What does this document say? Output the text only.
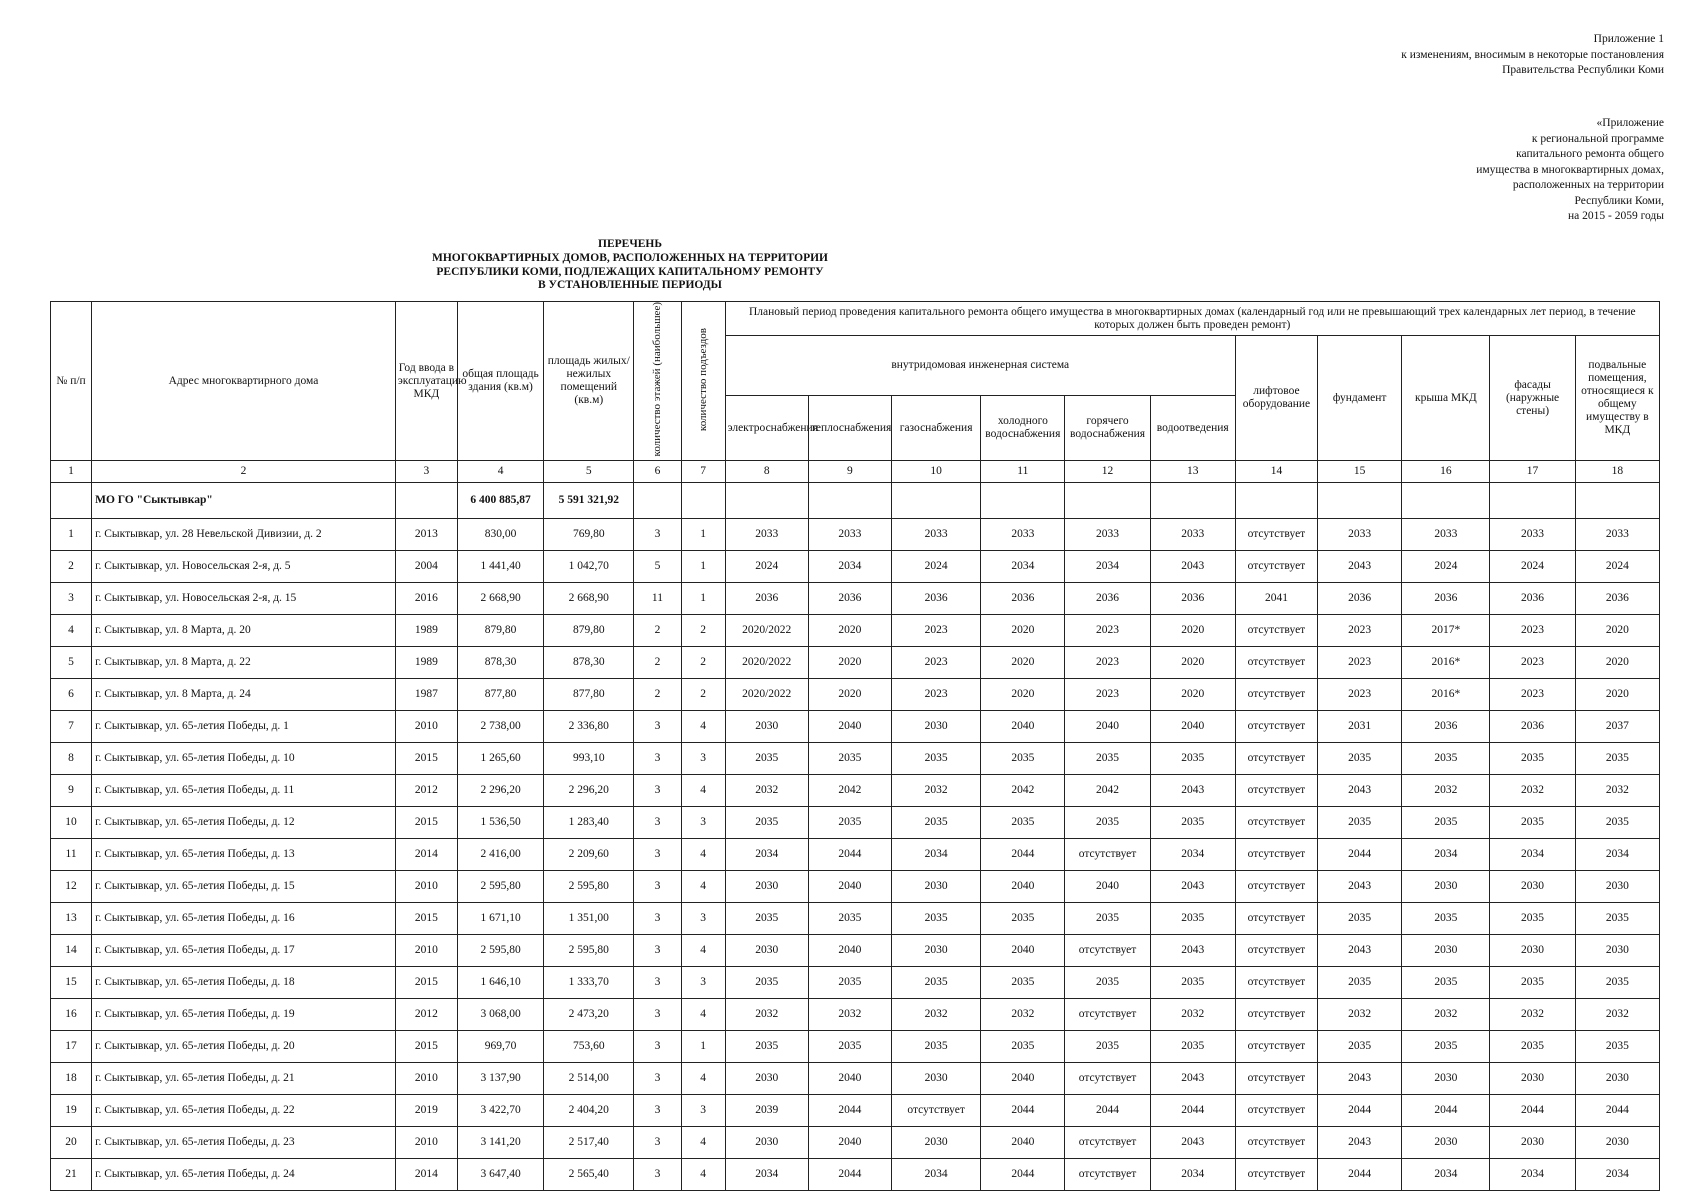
Приложение 1
к изменениям, вносимым в некоторые постановления
Правительства Республики Коми
«Приложение
к региональной программе
капитального ремонта общего
имущества в многоквартирных домах,
расположенных на территории
Республики Коми,
на 2015 - 2059 годы
ПЕРЕЧЕНЬ
МНОГОКВАРТИРНЫХ ДОМОВ, РАСПОЛОЖЕННЫХ НА ТЕРРИТОРИИ
РЕСПУБЛИКИ КОМИ, ПОДЛЕЖАЩИХ КАПИТАЛЬНОМУ РЕМОНТУ
В УСТАНОВЛЕННЫЕ ПЕРИОДЫ
№ п/п	Адрес многоквартирного дома	Год ввода в эксплуатацию МКД	общая площадь здания (кв.м)	площадь жилых/ нежилых помещений (кв.м)	количество этажей (наибольшее)	количество подъездов	Плановый период проведения капитального ремонта общего имущества в многоквартирных домах (календарный год или не превышающий трех календарных лет период, в течение которых должен быть проведен ремонт)										
							внутридомовая инженерная система						лифтовое оборудование	фундамент	крыша МКД	фасады (наружные стены)	подвальные помещения, относящиеся к общему имуществу в МКД
							электроснабжения	теплоснабжения	газоснабжения	холодного водоснабжения	горячего водоснабжения	водоотведения					
1	2	3	4	5	6	7	8	9	10	11	12	13	14	15	16	17	18
	МО ГО "Сыктывкар"		6 400 885,87	5 591 321,92													
1	г. Сыктывкар, ул. 28 Невельской Дивизии, д. 2	2013	830,00	769,80	3	1	2033	2033	2033	2033	2033	2033	отсутствует	2033	2033	2033	2033
2	г. Сыктывкар, ул. Новосельская 2-я, д. 5	2004	1 441,40	1 042,70	5	1	2024	2034	2024	2034	2034	2043	отсутствует	2043	2024	2024	2024
3	г. Сыктывкар, ул. Новосельская 2-я, д. 15	2016	2 668,90	2 668,90	11	1	2036	2036	2036	2036	2036	2036	2041	2036	2036	2036	2036
4	г. Сыктывкар, ул. 8 Марта, д. 20	1989	879,80	879,80	2	2	2020/2022	2020	2023	2020	2023	2020	отсутствует	2023	2017*	2023	2020
5	г. Сыктывкар, ул. 8 Марта, д. 22	1989	878,30	878,30	2	2	2020/2022	2020	2023	2020	2023	2020	отсутствует	2023	2016*	2023	2020
6	г. Сыктывкар, ул. 8 Марта, д. 24	1987	877,80	877,80	2	2	2020/2022	2020	2023	2020	2023	2020	отсутствует	2023	2016*	2023	2020
7	г. Сыктывкар, ул. 65-летия Победы, д. 1	2010	2 738,00	2 336,80	3	4	2030	2040	2030	2040	2040	2040	отсутствует	2031	2036	2036	2037
8	г. Сыктывкар, ул. 65-летия Победы, д. 10	2015	1 265,60	993,10	3	3	2035	2035	2035	2035	2035	2035	отсутствует	2035	2035	2035	2035
9	г. Сыктывкар, ул. 65-летия Победы, д. 11	2012	2 296,20	2 296,20	3	4	2032	2042	2032	2042	2042	2043	отсутствует	2043	2032	2032	2032
10	г. Сыктывкар, ул. 65-летия Победы, д. 12	2015	1 536,50	1 283,40	3	3	2035	2035	2035	2035	2035	2035	отсутствует	2035	2035	2035	2035
11	г. Сыктывкар, ул. 65-летия Победы, д. 13	2014	2 416,00	2 209,60	3	4	2034	2044	2034	2044	отсутствует	2034	отсутствует	2044	2034	2034	2034
12	г. Сыктывкар, ул. 65-летия Победы, д. 15	2010	2 595,80	2 595,80	3	4	2030	2040	2030	2040	2040	2043	отсутствует	2043	2030	2030	2030
13	г. Сыктывкар, ул. 65-летия Победы, д. 16	2015	1 671,10	1 351,00	3	3	2035	2035	2035	2035	2035	2035	отсутствует	2035	2035	2035	2035
14	г. Сыктывкар, ул. 65-летия Победы, д. 17	2010	2 595,80	2 595,80	3	4	2030	2040	2030	2040	отсутствует	2043	отсутствует	2043	2030	2030	2030
15	г. Сыктывкар, ул. 65-летия Победы, д. 18	2015	1 646,10	1 333,70	3	3	2035	2035	2035	2035	2035	2035	отсутствует	2035	2035	2035	2035
16	г. Сыктывкар, ул. 65-летия Победы, д. 19	2012	3 068,00	2 473,20	3	4	2032	2032	2032	2032	отсутствует	2032	отсутствует	2032	2032	2032	2032
17	г. Сыктывкар, ул. 65-летия Победы, д. 20	2015	969,70	753,60	3	1	2035	2035	2035	2035	2035	2035	отсутствует	2035	2035	2035	2035
18	г. Сыктывкар, ул. 65-летия Победы, д. 21	2010	3 137,90	2 514,00	3	4	2030	2040	2030	2040	отсутствует	2043	отсутствует	2043	2030	2030	2030
19	г. Сыктывкар, ул. 65-летия Победы, д. 22	2019	3 422,70	2 404,20	3	3	2039	2044	отсутствует	2044	2044	2044	отсутствует	2044	2044	2044	2044
20	г. Сыктывкар, ул. 65-летия Победы, д. 23	2010	3 141,20	2 517,40	3	4	2030	2040	2030	2040	отсутствует	2043	отсутствует	2043	2030	2030	2030
21	г. Сыктывкар, ул. 65-летия Победы, д. 24	2014	3 647,40	2 565,40	3	4	2034	2044	2034	2044	отсутствует	2034	отсутствует	2044	2034	2034	2034
